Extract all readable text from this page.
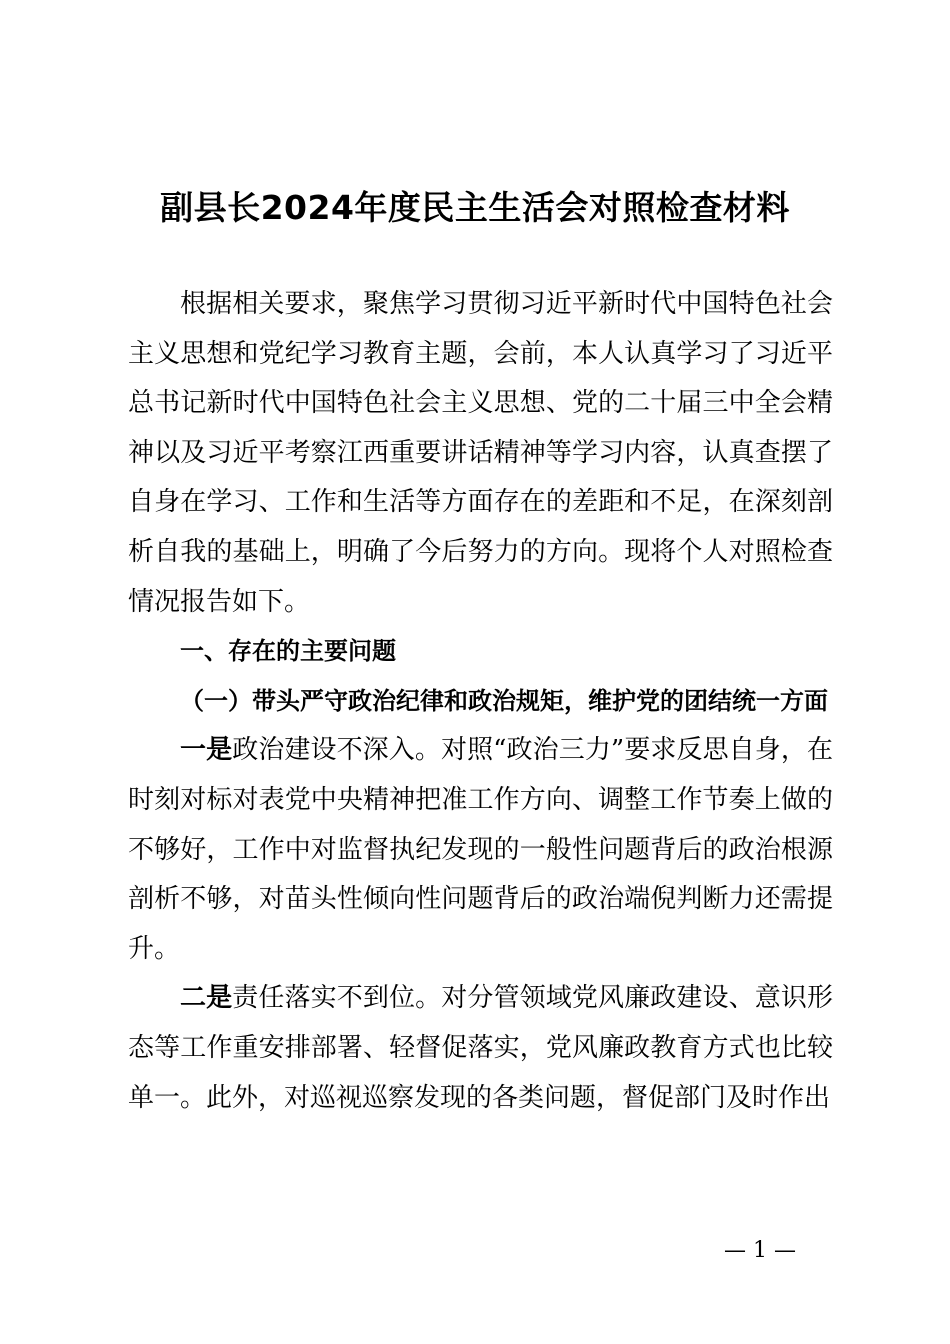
副县长2024年度民主生活会对照检查材料

根据相关要求，聚焦学习贯彻习近平新时代中国特色社会主义思想和党纪学习教育主题，会前，本人认真学习了习近平总书记新时代中国特色社会主义思想、党的二十届三中全会精神以及习近平考察江西重要讲话精神等学习内容，认真查摆了自身在学习、工作和生活等方面存在的差距和不足，在深刻剖析自我的基础上，明确了今后努力的方向。现将个人对照检查情况报告如下。

一、存在的主要问题

（一）带头严守政治纪律和政治规矩，维护党的团结统一方面

一是政治建设不深入。对照“政治三力”要求反思自身，在时刻对标对表党中央精神把准工作方向、调整工作节奏上做的不够好，工作中对监督执纪发现的一般性问题背后的政治根源剖析不够，对苗头性倾向性问题背后的政治端倪判断力还需提升。

二是责任落实不到位。对分管领域党风廉政建设、意识形态等工作重安排部署、轻督促落实，党风廉政教育方式也比较单一。此外，对巡视巡察发现的各类问题，督促部门及时作出

— 1 —
